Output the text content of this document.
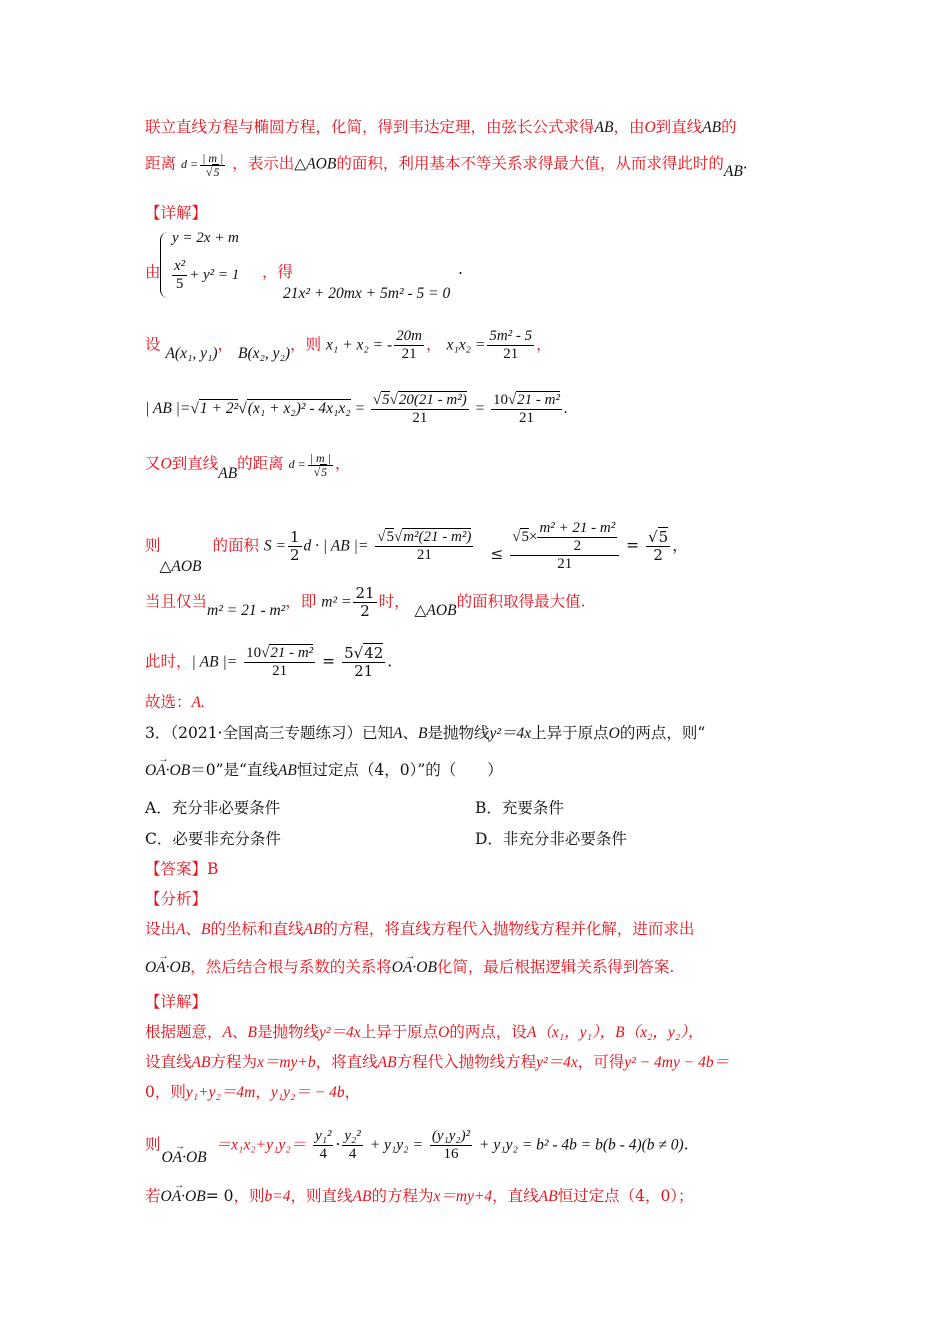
联立直线方程与椭圆方程，化简，得到韦达定理，由弦长公式求得AB，由O到直线AB的
距离 $d = \frac{| m |}{√5}$ ，表示出△AOB的面积，利用基本不等关系求得最大值，从而求得此时的AB.
【详解】
由
y = 2x + m
$\frac{\text{x²}}{5} + y^2 = 1$ ，得
21x² + 20mx + 5m² - 5 = 0
.
设 A(x₁, y₁)， B(x₂, y₂)，则 x₁ + x₂ = - $\frac{20m}{21}$ ， $x_1x_2 = \frac{\text{5m² - 5}}{21}$ ，
| AB $|=√1 + 2^2√(x_1 + x_2)^2 - 4x_1x_2 = \frac{\text{√5√20(21 - m²)}}{21} = \frac{\text{10√21 - m²}}{21}$ .
又O到直线AB的距离 $d = \frac{| m |}{√5}$ ，
则 △AOB 的面积 $S = \frac{1}{2}$ d · | AB |= $\frac{\text{√5√m²(21 - m²)}}{21} \le \frac{√5\times \frac{\text{m² + 21 - m²}}{2}}{21} = \frac{√5}{2}$ ，
当且仅当m² = 21 - m²，即 $m^2 = \frac{21}{2}$ 时， △AOB的面积取得最大值.
此时，| AB |= $\frac{\text{10√21 - m²}}{21} = \frac{5√42}{21}$ .
故选：A.
3．（2021·全国高三专题练习）已知A、B是抛物线y²＝4x上异于原点O的两点，则“
→ OA·OB＝0”是“直线AB恒过定点（4，0）”的（　　）
A．充分非必要条件	B．充要条件
C．必要非充分条件	D．非充分非必要条件
【答案】B
【分析】
设出A、B的坐标和直线AB的方程，将直线方程代入抛物线方程并化解，进而求出
→ OA·OB，然后结合根与系数的关系将→ OA·OB化简，最后根据逻辑关系得到答案.
【详解】
根据题意，A、B是抛物线y²＝4x上异于原点O的两点，设A（x₁，y₁），B（x₂，y₂），
设直线AB方程为x＝my+b，将直线AB方程代入抛物线方程y²＝4x，可得y² − 4my − 4b＝
0，则y₁+y₂＝4m，y₁y₂＝ − 4b，
则 → $OA\cdot OB =x_1x_2+y_1y_2= \frac{\text{y₁²}}{4} \cdot \frac{\text{y₂²}}{4} + y_1y_2 = \frac{\text{(y₁y₂)²}}{16} + y_1y_2 = b^2 - 4b = b(b - 4)(b \ne 0)$.
若→ OA·OB= 0，则b=4，则直线AB的方程为x＝my+4，直线AB恒过定点（4，0）；
